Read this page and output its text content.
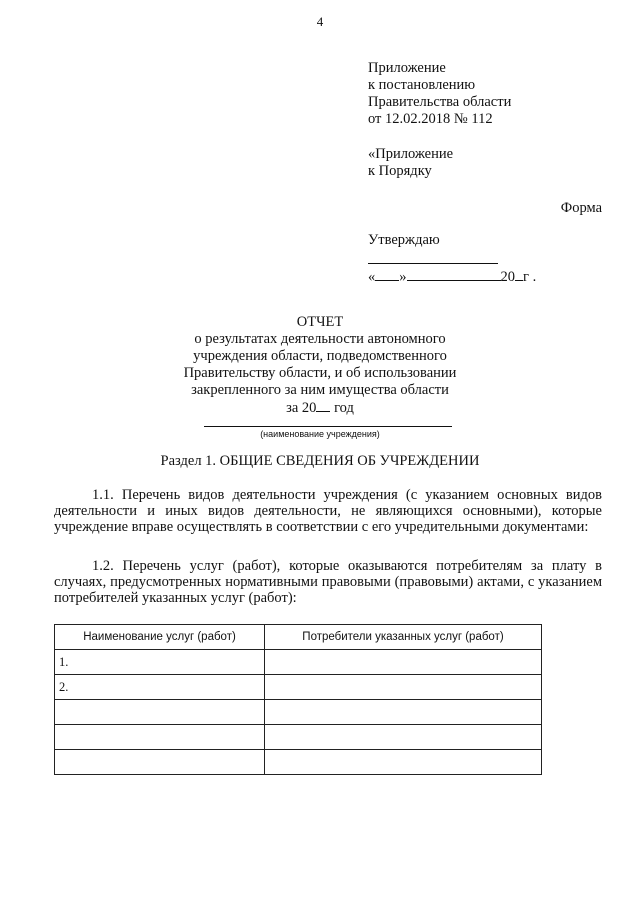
4
Приложение
к постановлению
Правительства области
от 12.02.2018 № 112
«Приложение
к Порядку
Форма
Утверждаю
« »	20 г .
ОТЧЕТ
о результатах деятельности автономного
учреждения области, подведомственного
Правительству области, и об использовании
закрепленного за ним имущества области
за 20 год
(наименование учреждения)
Раздел 1. ОБЩИЕ СВЕДЕНИЯ ОБ УЧРЕЖДЕНИИ

1.1. Перечень видов деятельности учреждения (с указанием основных видов деятельности и иных видов деятельности, не являющихся основными), которые учреждение вправе осуществлять в соответствии с его учредительными документами:

1.2. Перечень услуг (работ), которые оказываются потребителям за плату в случаях, предусмотренных нормативными правовыми (правовыми) актами, с указанием потребителей указанных услуг (работ):

Наименование услуг (работ)	Потребители указанных услуг (работ)
1.	
2.	
